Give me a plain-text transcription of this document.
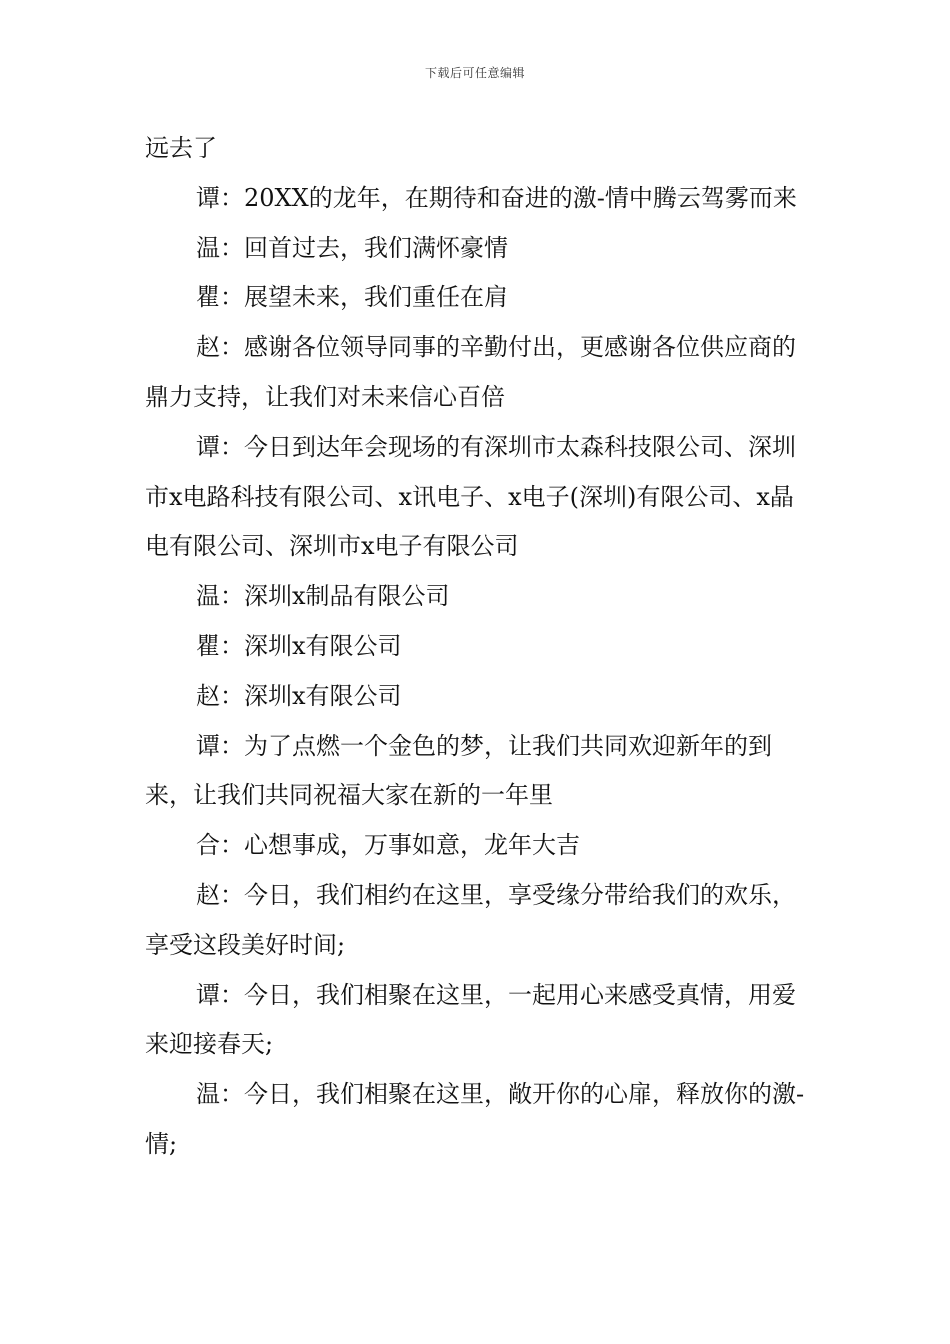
下载后可任意编辑

远去了

谭：20XX的龙年，在期待和奋进的激-情中腾云驾雾而来

温：回首过去，我们满怀豪情

瞿：展望未来，我们重任在肩

赵：感谢各位领导同事的辛勤付出，更感谢各位供应商的鼎力支持，让我们对未来信心百倍

谭：今日到达年会现场的有深圳市太森科技限公司、深圳市x电路科技有限公司、x讯电子、x电子(深圳)有限公司、x晶电有限公司、深圳市x电子有限公司

温：深圳x制品有限公司

瞿：深圳x有限公司

赵：深圳x有限公司

谭：为了点燃一个金色的梦，让我们共同欢迎新年的到来，让我们共同祝福大家在新的一年里

合：心想事成，万事如意，龙年大吉

赵：今日，我们相约在这里，享受缘分带给我们的欢乐，享受这段美好时间;

谭：今日，我们相聚在这里，一起用心来感受真情，用爱来迎接春天;

温：今日，我们相聚在这里，敞开你的心扉，释放你的激-情;
